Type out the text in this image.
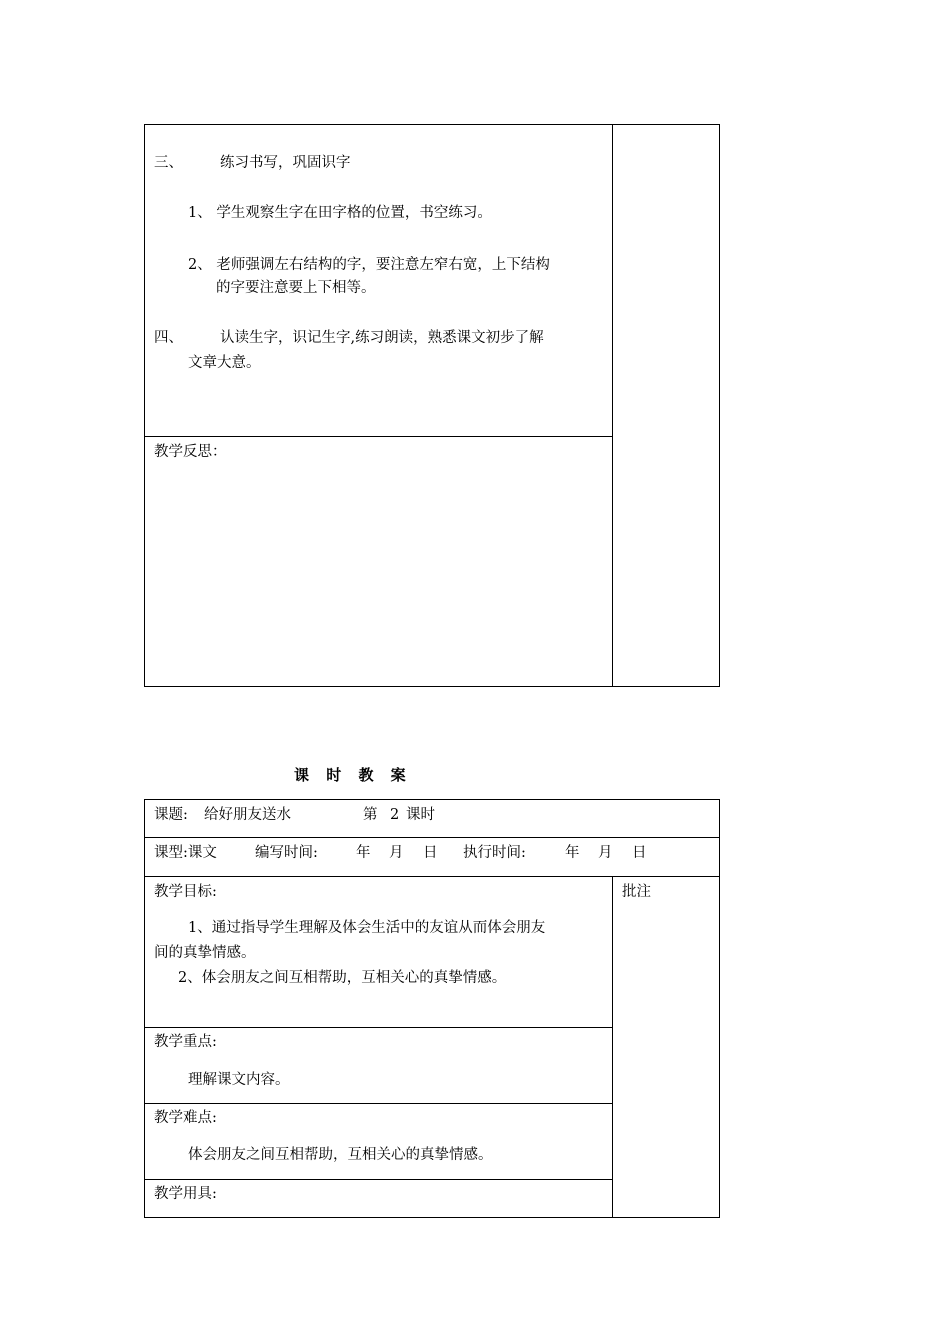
三、	练习书写，巩固识字
1、 学生观察生字在田字格的位置，书空练习。
2、 老师强调左右结构的字，要注意左窄右宽，上下结构
的字要注意要上下相等。
四、	认读生字，识记生字,练习朗读，熟悉课文初步了解
文章大意。
教学反思：
课 时 教 案
课题: 给好朋友送水	第 2 课时
课型:课文	编写时间:	年 月 日 执行时间:	年 月 日
教学目标:	批注
1、通过指导学生理解及体会生活中的友谊从而体会朋友
间的真挚情感。
2、体会朋友之间互相帮助，互相关心的真挚情感。
教学重点:
理解课文内容。
教学难点:
体会朋友之间互相帮助，互相关心的真挚情感。
教学用具:
